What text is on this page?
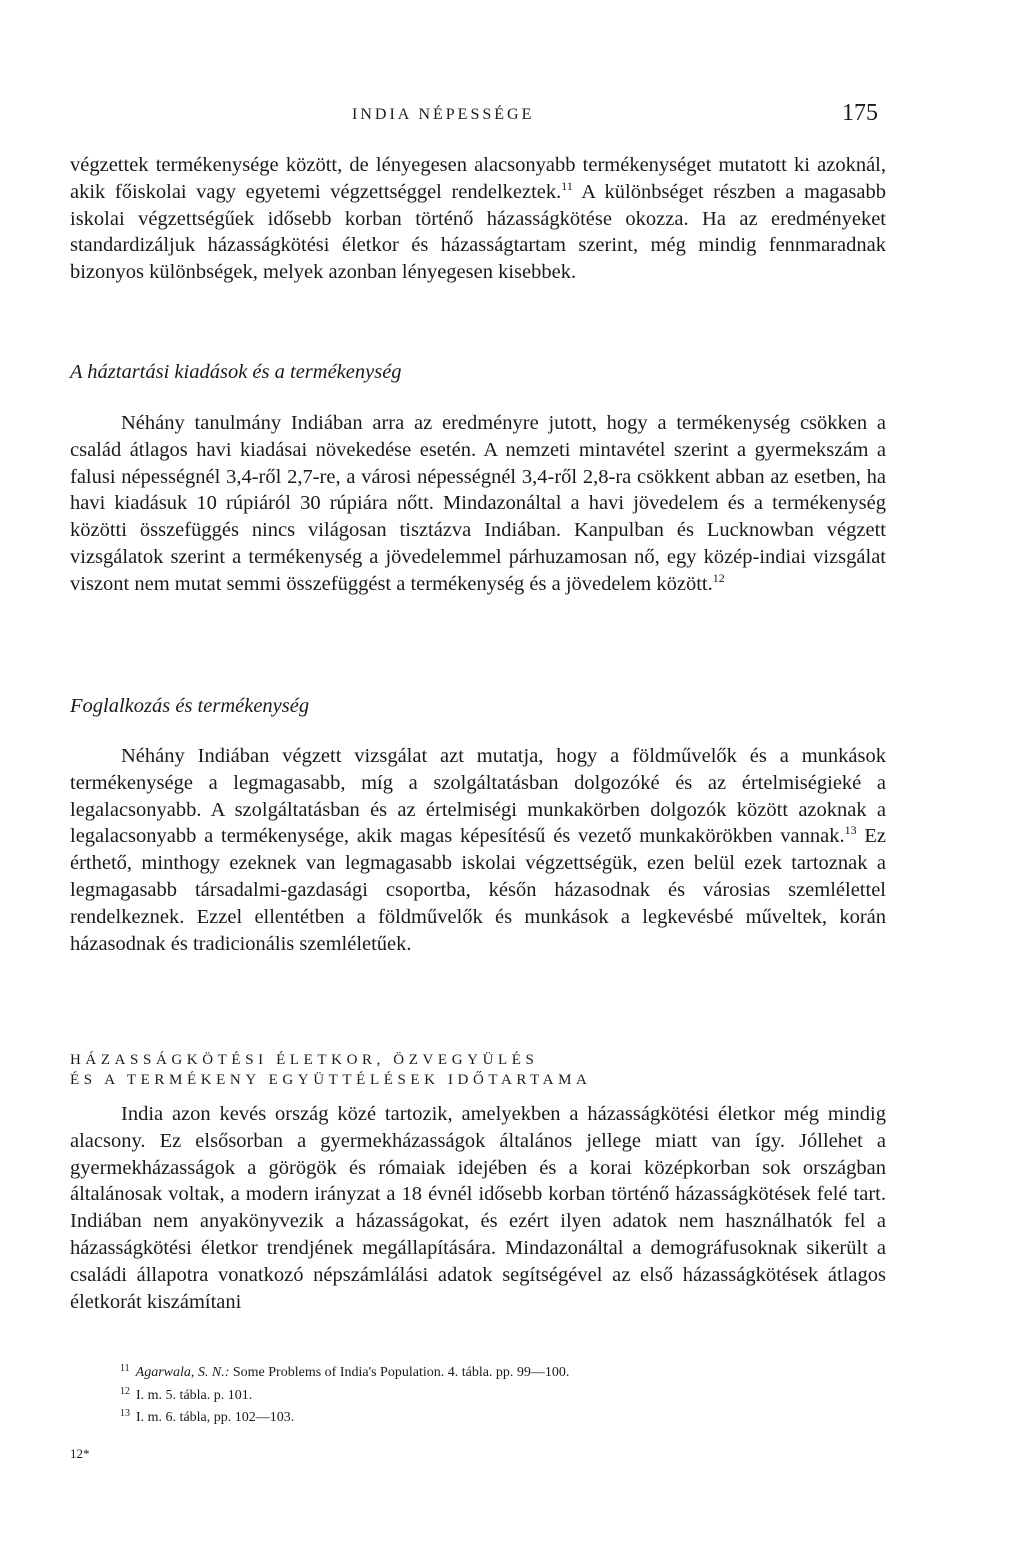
INDIA NÉPESSÉGE	175

végzettek termékenysége között, de lényegesen alacsonyabb termékenységet mutatott ki azoknál, akik főiskolai vagy egyetemi végzettséggel rendelkeztek.$^{11}$ A különbséget részben a magasabb iskolai végzettségűek idősebb korban történő házasságkötése okozza. Ha az eredményeket standardizáljuk házasságkötési életkor és házasságtartam szerint, még mindig fennmaradnak bizonyos különbségek, melyek azonban lényegesen kisebbek.

A háztartási kiadások és a termékenység

Néhány tanulmány Indiában arra az eredményre jutott, hogy a termékenység csökken a család átlagos havi kiadásai növekedése esetén. A nemzeti mintavétel szerint a gyermekszám a falusi népességnél 3,4-ről 2,7-re, a városi népességnél 3,4-ről 2,8-ra csökkent abban az esetben, ha havi kiadásuk 10 rúpiáról 30 rúpiára nőtt. Mindazonáltal a havi jövedelem és a termékenység közötti összefüggés nincs világosan tisztázva Indiában. Kanpulban és Lucknowban végzett vizsgálatok szerint a termékenység a jövedelemmel párhuzamosan nő, egy közép-indiai vizsgálat viszont nem mutat semmi összefüggést a termékenység és a jövedelem között.$^{12}$

Foglalkozás és termékenység

Néhány Indiában végzett vizsgálat azt mutatja, hogy a földművelők és a munkások termékenysége a legmagasabb, míg a szolgáltatásban dolgozóké és az értelmiségieké a legalacsonyabb. A szolgáltatásban és az értelmiségi munkakörben dolgozók között azoknak a legalacsonyabb a termékenysége, akik magas képesítésű és vezető munkakörökben vannak.$^{13}$ Ez érthető, minthogy ezeknek van legmagasabb iskolai végzettségük, ezen belül ezek tartoznak a legmagasabb társadalmi-gazdasági csoportba, későn házasodnak és városias szemlélettel rendelkeznek. Ezzel ellentétben a földművelők és munkások a legkevésbé műveltek, korán házasodnak és tradicionális szemléletűek.

HÁZASSÁGKÖTÉSI ÉLETKOR, ÖZVEGYÜLÉS
ÉS A TERMÉKENY EGYÜTTÉLÉSEK IDŐTARTAMA

India azon kevés ország közé tartozik, amelyekben a házasságkötési életkor még mindig alacsony. Ez elsősorban a gyermekházasságok általános jellege miatt van így. Jóllehet a gyermekházasságok a görögök és rómaiak idejében és a korai középkorban sok országban általánosak voltak, a modern irányzat a 18 évnél idősebb korban történő házasságkötések felé tart. Indiában nem anyakönyvezik a házasságokat, és ezért ilyen adatok nem használhatók fel a házasságkötési életkor trendjének megállapítására. Mindazonáltal a demográfusoknak sikerült a családi állapotra vonatkozó népszámlálási adatok segítségével az első házasságkötések átlagos életkorát kiszámítani

$^{11}$ Agarwala, S. N.: Some Problems of India's Population. 4. tábla. pp. 99—100.

$^{12}$ I. m. 5. tábla. p. 101.

$^{13}$ I. m. 6. tábla, pp. 102—103.

12*
